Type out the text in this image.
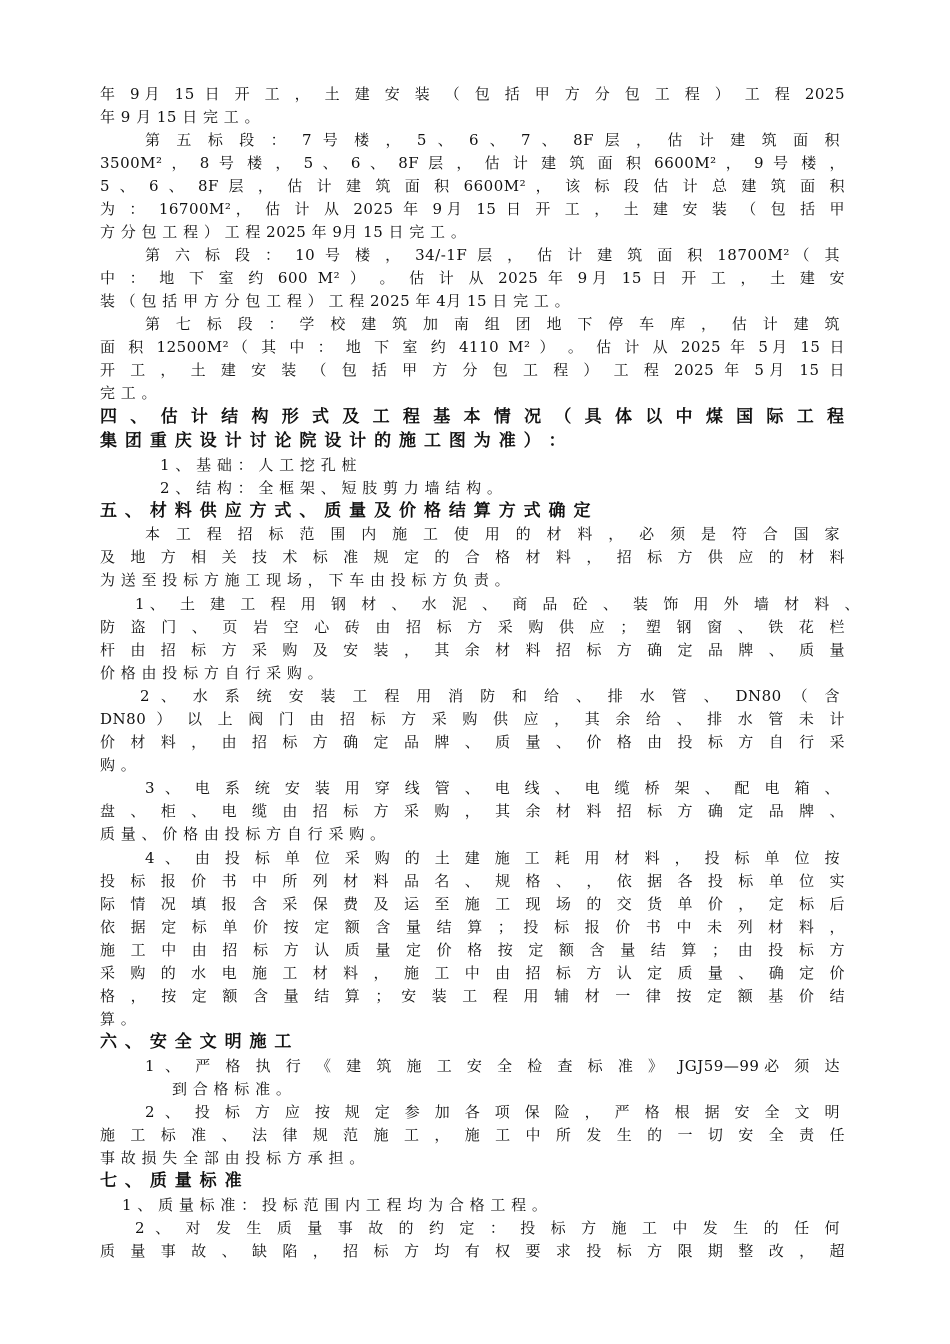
年 9月 15 日 开 工 ， 土 建 安 装 （ 包 括 甲 方 分 包 工 程 ） 工 程 2025
年 9 月 15 日 完 工 。
第 五 标 段 ： 7 号 楼 ， 5 、 6 、 7 、 8F 层 ， 估 计 建 筑 面 积
3500M² ， 8 号 楼 ， 5 、 6 、 8F 层 ， 估 计 建 筑 面 积 6600M² ， 9 号 楼 ，
5 、 6 、 8F 层 ， 估 计 建 筑 面 积 6600M² ， 该 标 段 估 计 总 建 筑 面 积
为 ： 16700M²， 估 计 从 2025 年 9月 15 日 开 工 ， 土 建 安 装 （ 包 括 甲
方 分 包 工 程 ） 工 程 2025 年 9月 15 日 完 工 。
第 六 标 段 ： 10 号 楼 ， 34/-1F 层 ， 估 计 建 筑 面 积 18700M²（ 其
中 ： 地 下 室 约 600 M² ） 。 估 计 从 2025 年 9月 15 日 开 工 ， 土 建 安
装 （ 包 括 甲 方 分 包 工 程 ） 工 程 2025 年 4月 15 日 完 工 。
第 七 标 段 ： 学 校 建 筑 加 南 组 团 地 下 停 车 库 ， 估 计 建 筑
面 积 12500M²（ 其 中 ： 地 下 室 约 4110 M² ） 。 估 计 从 2025 年 5月 15 日
开 工 ， 土 建 安 装 （ 包 括 甲 方 分 包 工 程 ） 工 程 2025 年 5月 15 日
完 工 。
四 、 估 计 结 构 形 式 及 工 程 基 本 情 况 （ 具 体 以 中 煤 国 际 工 程
集 团 重 庆 设 计 讨 论 院 设 计 的 施 工 图 为 准 ） ：
1 、 基 础 ： 人 工 挖 孔 桩
2 、 结 构 ： 全 框 架 、 短 肢 剪 力 墙 结 构 。
五 、 材 料 供 应 方 式 、 质 量 及 价 格 结 算 方 式 确 定
本 工 程 招 标 范 围 内 施 工 使 用 的 材 料 ， 必 须 是 符 合 国 家
及 地 方 相 关 技 术 标 准 规 定 的 合 格 材 料 ， 招 标 方 供 应 的 材 料
为 送 至 投 标 方 施 工 现 场 ， 下 车 由 投 标 方 负 责 。
1、 土 建 工 程 用 钢 材 、 水 泥 、 商 品 砼 、 装 饰 用 外 墙 材 料 、
防 盗 门 、 页 岩 空 心 砖 由 招 标 方 采 购 供 应 ； 塑 钢 窗 、 铁 花 栏
杆 由 招 标 方 采 购 及 安 装 ， 其 余 材 料 招 标 方 确 定 品 牌 、 质 量
价 格 由 投 标 方 自 行 采 购 。
2 、 水 系 统 安 装 工 程 用 消 防 和 给 、 排 水 管 、 DN80 （ 含
DN80 ） 以 上 阀 门 由 招 标 方 采 购 供 应 ， 其 余 给 、 排 水 管 未 计
价 材 料 ， 由 招 标 方 确 定 品 牌 、 质 量 、 价 格 由 投 标 方 自 行 采
购 。
3 、 电 系 统 安 装 用 穿 线 管 、 电 线 、 电 缆 桥 架 、 配 电 箱 、
盘 、 柜 、 电 缆 由 招 标 方 采 购 ， 其 余 材 料 招 标 方 确 定 品 牌 、
质 量 、 价 格 由 投 标 方 自 行 采 购 。
4 、 由 投 标 单 位 采 购 的 土 建 施 工 耗 用 材 料 ， 投 标 单 位 按
投 标 报 价 书 中 所 列 材 料 品 名 、 规 格 、 ， 依 据 各 投 标 单 位 实
际 情 况 填 报 含 采 保 费 及 运 至 施 工 现 场 的 交 货 单 价 ， 定 标 后
依 据 定 标 单 价 按 定 额 含 量 结 算 ； 投 标 报 价 书 中 未 列 材 料 ，
施 工 中 由 招 标 方 认 质 量 定 价 格 按 定 额 含 量 结 算 ； 由 投 标 方
采 购 的 水 电 施 工 材 料 ， 施 工 中 由 招 标 方 认 定 质 量 、 确 定 价
格 ， 按 定 额 含 量 结 算 ； 安 装 工 程 用 辅 材 一 律 按 定 额 基 价 结
算 。
六 、 安 全 文 明 施 工
1 、 严 格 执 行 《 建 筑 施 工 安 全 检 查 标 准 》 JGJ59—99必 须 达
到 合 格 标 准 。
2 、 投 标 方 应 按 规 定 参 加 各 项 保 险 ， 严 格 根 据 安 全 文 明
施 工 标 准 、 法 律 规 范 施 工 ， 施 工 中 所 发 生 的 一 切 安 全 责 任
事 故 损 失 全 部 由 投 标 方 承 担 。
七 、 质 量 标 准
1 、 质 量 标 准 ： 投 标 范 围 内 工 程 均 为 合 格 工 程 。
2 、 对 发 生 质 量 事 故 的 约 定 ： 投 标 方 施 工 中 发 生 的 任 何
质 量 事 故 、 缺 陷 ， 招 标 方 均 有 权 要 求 投 标 方 限 期 整 改 ， 超
